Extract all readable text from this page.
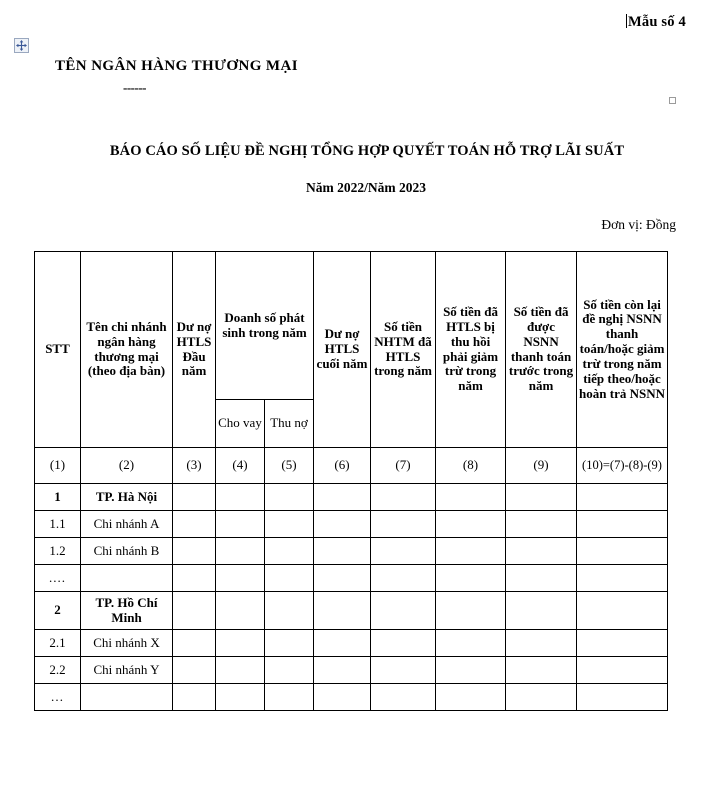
Mẫu số 4
TÊN NGÂN HÀNG THƯƠNG MẠI
------
BÁO CÁO SỐ LIỆU ĐỀ NGHỊ TỔNG HỢP QUYẾT TOÁN HỖ TRỢ LÃI SUẤT
Năm 2022/Năm 2023
Đơn vị: Đồng
STT	Tên chi nhánh ngân hàng thương mại (theo địa bàn)	Dư nợ HTLS Đầu năm	Doanh số phát sinh trong năm		Dư nợ HTLS cuối năm	Số tiền NHTM đã HTLS trong năm	Số tiền đã HTLS bị thu hồi phải giảm trừ trong năm	Số tiền đã được NSNN thanh toán trước trong năm	Số tiền còn lại đề nghị NSNN thanh toán/hoặc giảm trừ trong năm tiếp theo/hoặc hoàn trả NSNN
			Cho vay	Thu nợ					
(1)	(2)	(3)	(4)	(5)	(6)	(7)	(8)	(9)	(10)=(7)-(8)-(9)
1	TP. Hà Nội								
1.1	Chi nhánh A								
1.2	Chi nhánh B								
....									
2	TP. Hồ Chí Minh								
2.1	Chi nhánh X								
2.2	Chi nhánh Y								
…									
